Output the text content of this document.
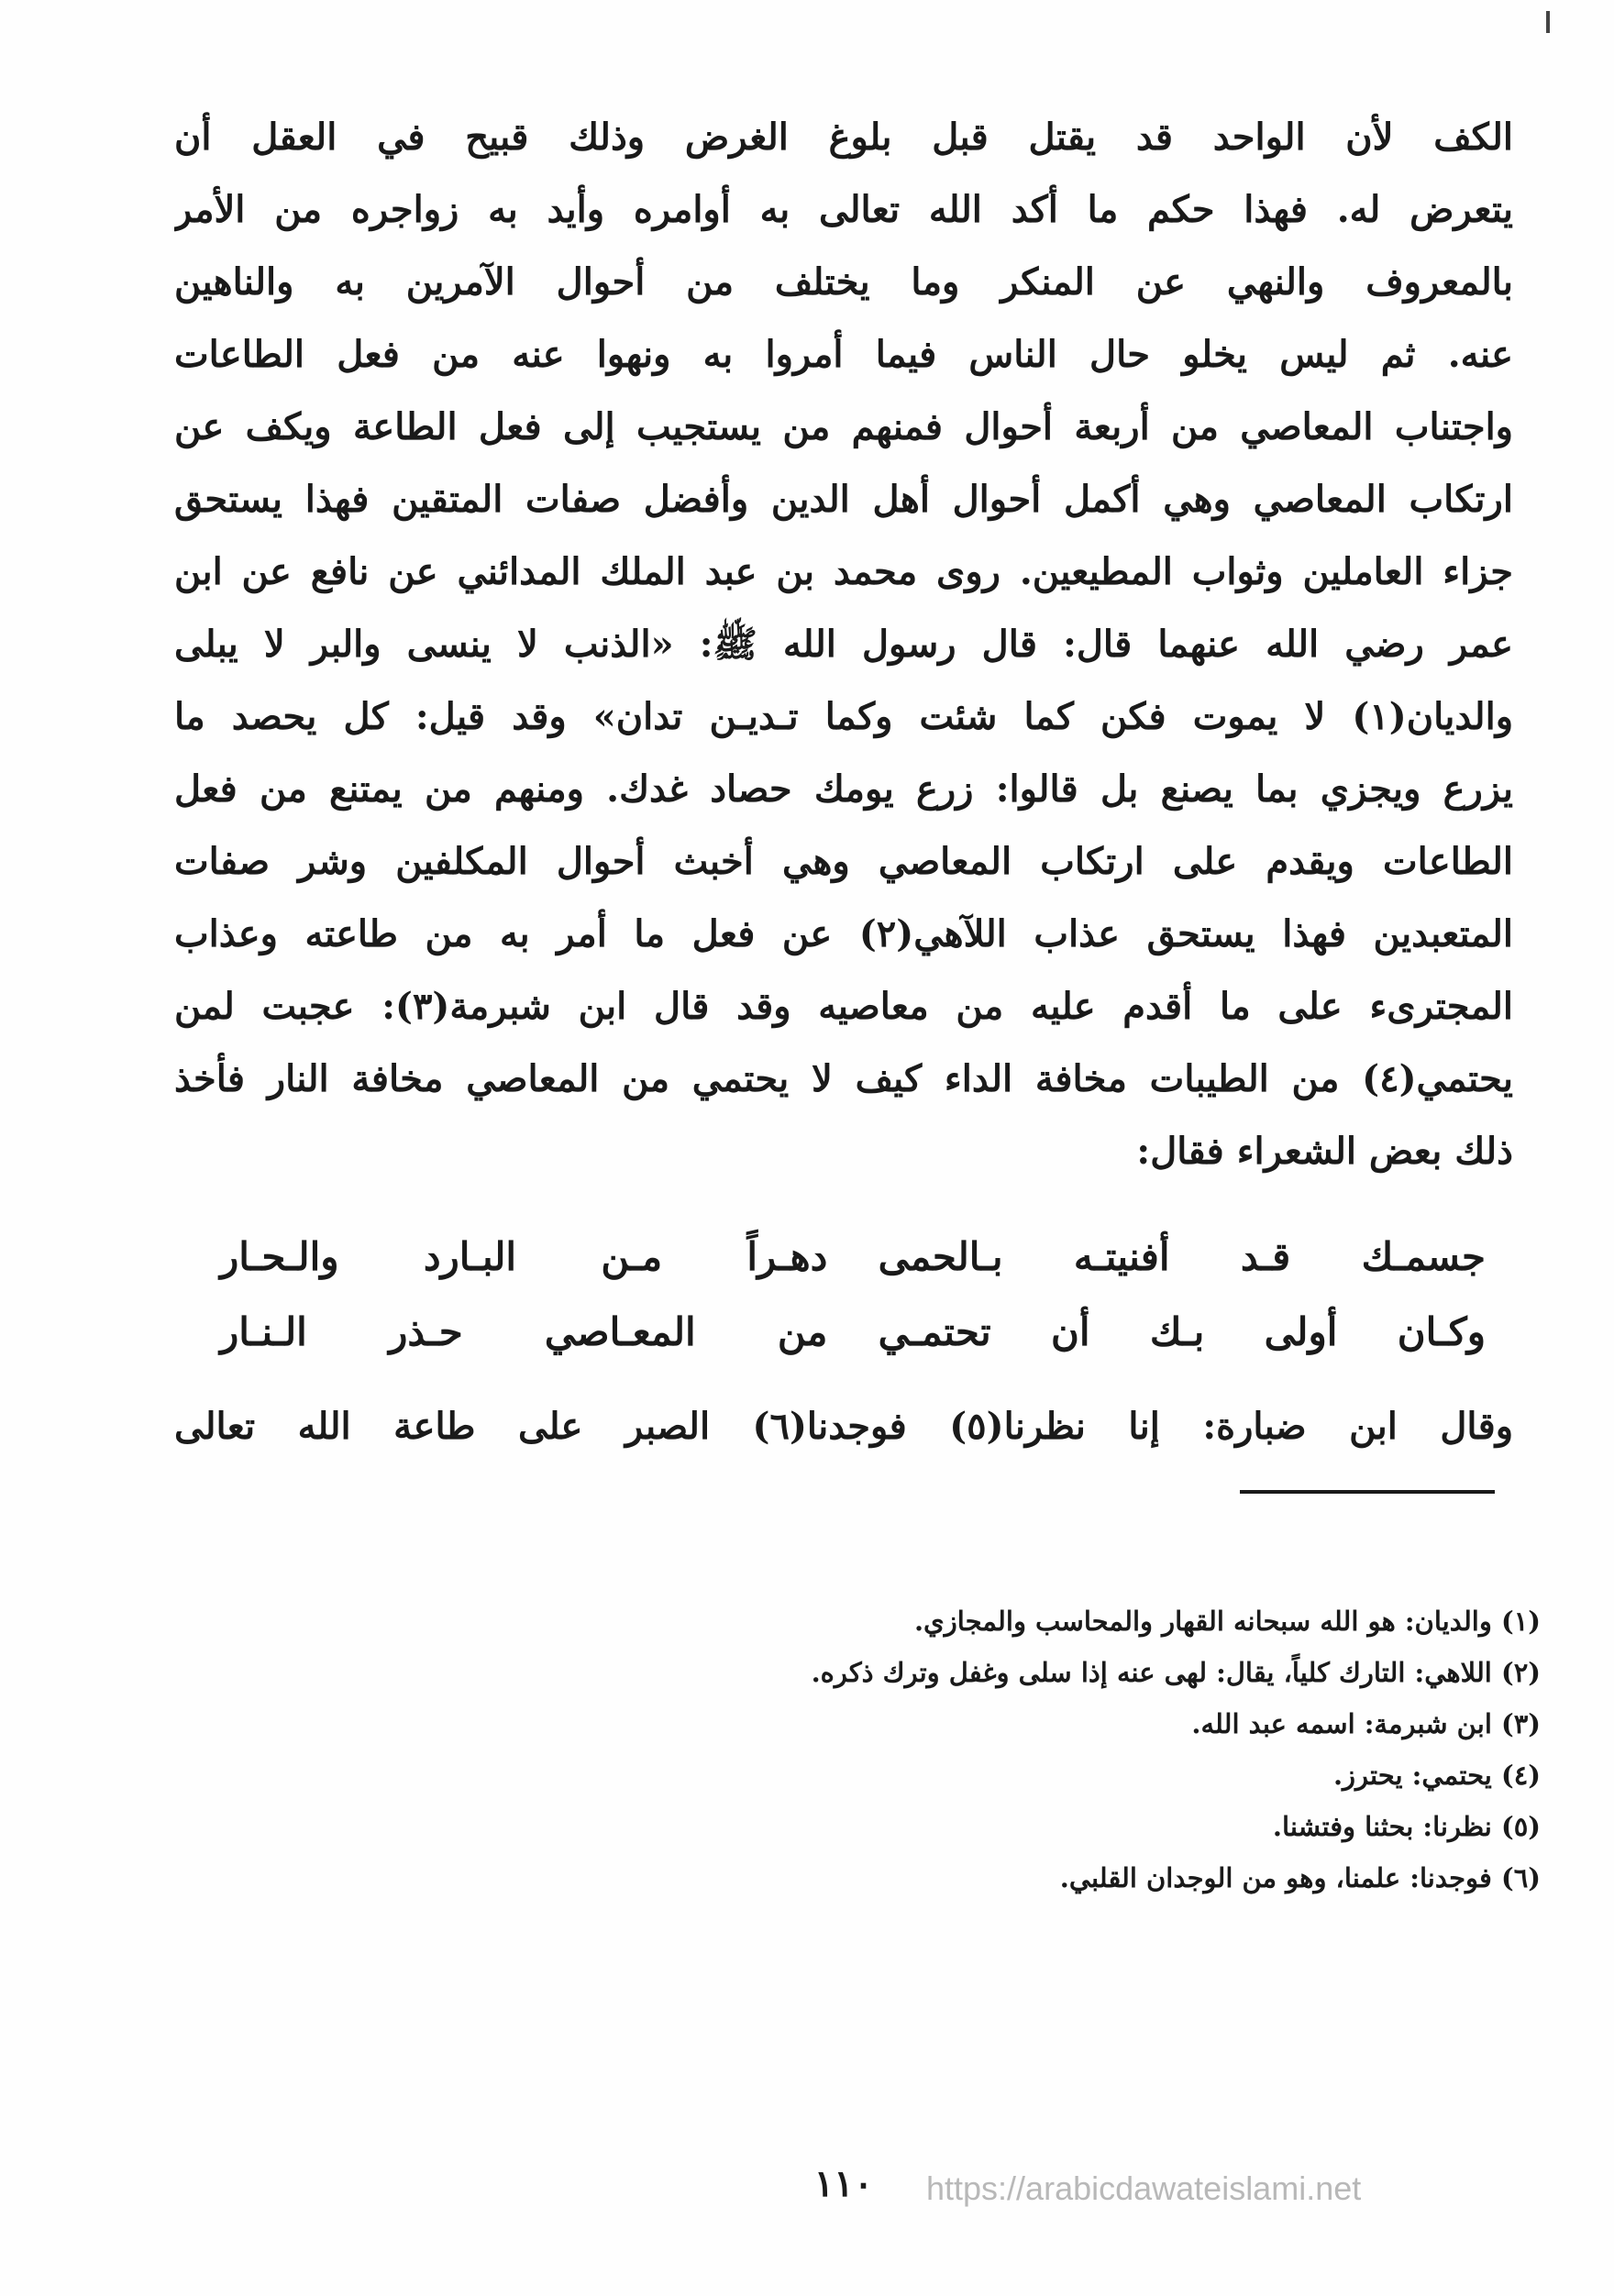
الكف لأن الواحد قد يقتل قبل بلوغ الغرض وذلك قبيح في العقل أن
يتعرض له. فهذا حكم ما أكد الله تعالى به أوامره وأيد به زواجره من الأمر
بالمعروف والنهي عن المنكر وما يختلف من أحوال الآمرين به والناهين
عنه. ثم ليس يخلو حال الناس فيما أمروا به ونهوا عنه من فعل الطاعات
واجتناب المعاصي من أربعة أحوال فمنهم من يستجيب إلى فعل الطاعة ويكف عن
ارتكاب المعاصي وهي أكمل أحوال أهل الدين وأفضل صفات المتقين فهذا يستحق
جزاء العاملين وثواب المطيعين. روى محمد بن عبد الملك المدائني عن نافع عن ابن
عمر رضي الله عنهما قال: قال رسول الله ﷺ: «الذنب لا ينسى والبر لا يبلى
والديان(١) لا يموت فكن كما شئت وكما تـديـن تدان» وقد قيل: كل يحصد ما
يزرع ويجزي بما يصنع بل قالوا: زرع يومك حصاد غدك. ومنهم من يمتنع من فعل
الطاعات ويقدم على ارتكاب المعاصي وهي أخبث أحوال المكلفين وشر صفات
المتعبدين فهذا يستحق عذاب اللآهي(٢) عن فعل ما أمر به من طاعته وعذاب
المجترىء على ما أقدم عليه من معاصيه وقد قال ابن شبرمة(٣): عجبت لمن
يحتمي(٤) من الطيبات مخافة الداء كيف لا يحتمي من المعاصي مخافة النار فأخذ
ذلك بعض الشعراء فقال:
جسمـك قـد أفنيتـه بـالحمى
دهـراً مـن البـارد والـحـار
وكـان أولى بـك أن تحتمـي
من المعـاصي حـذر الـنـار
وقال ابن ضبارة: إنا نظرنا(٥) فوجدنا(٦) الصبر على طاعة الله تعالى
(١) والديان: هو الله سبحانه القهار والمحاسب والمجازي.
(٢) اللاهي: التارك كلياً، يقال: لهى عنه إذا سلى وغفل وترك ذكره.
(٣) ابن شبرمة: اسمه عبد الله.
(٤) يحتمي: يحترز.
(٥) نظرنا: بحثنا وفتشنا.
(٦) فوجدنا: علمنا، وهو من الوجدان القلبي.
١١٠	https://arabicdawateislami.net
